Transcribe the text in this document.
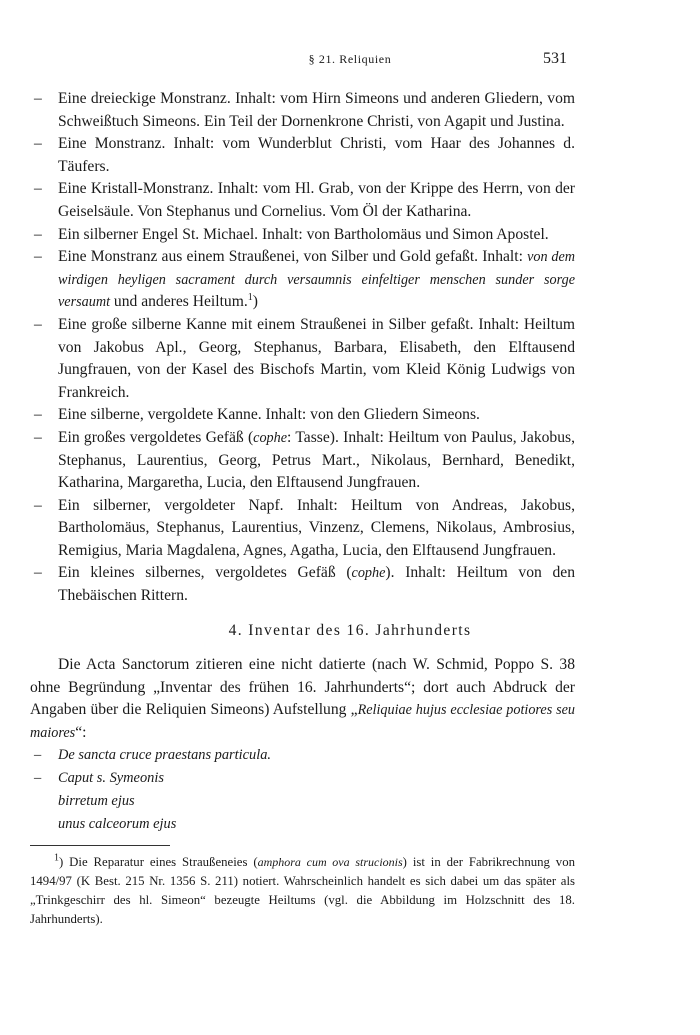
§ 21. Reliquien	531
– Eine dreieckige Monstranz. Inhalt: vom Hirn Simeons und anderen Gliedern, vom Schweißtuch Simeons. Ein Teil der Dornenkrone Christi, von Agapit und Justina.
– Eine Monstranz. Inhalt: vom Wunderblut Christi, vom Haar des Johannes d. Täufers.
– Eine Kristall-Monstranz. Inhalt: vom Hl. Grab, von der Krippe des Herrn, von der Geiselsäule. Von Stephanus und Cornelius. Vom Öl der Katharina.
– Ein silberner Engel St. Michael. Inhalt: von Bartholomäus und Simon Apostel.
– Eine Monstranz aus einem Straußenei, von Silber und Gold gefaßt. Inhalt: von dem wirdigen heyligen sacrament durch versaumnis einfeltiger menschen sunder sorge versaumt und anderes Heiltum.$^1$)
– Eine große silberne Kanne mit einem Straußenei in Silber gefaßt. Inhalt: Heiltum von Jakobus Apl., Georg, Stephanus, Barbara, Elisabeth, den Elftausend Jungfrauen, von der Kasel des Bischofs Martin, vom Kleid König Ludwigs von Frankreich.
– Eine silberne, vergoldete Kanne. Inhalt: von den Gliedern Simeons.
– Ein großes vergoldetes Gefäß (cophe: Tasse). Inhalt: Heiltum von Paulus, Jakobus, Stephanus, Laurentius, Georg, Petrus Mart., Nikolaus, Bernhard, Benedikt, Katharina, Margaretha, Lucia, den Elftausend Jungfrauen.
– Ein silberner, vergoldeter Napf. Inhalt: Heiltum von Andreas, Jakobus, Bartholomäus, Stephanus, Laurentius, Vinzenz, Clemens, Nikolaus, Ambrosius, Remigius, Maria Magdalena, Agnes, Agatha, Lucia, den Elftausend Jungfrauen.
– Ein kleines silbernes, vergoldetes Gefäß (cophe). Inhalt: Heiltum von den Thebäischen Rittern.
4. Inventar des 16. Jahrhunderts
Die Acta Sanctorum zitieren eine nicht datierte (nach W. Schmid, Poppo S. 38 ohne Begründung „Inventar des frühen 16. Jahrhunderts“; dort auch Abdruck der Angaben über die Reliquien Simeons) Aufstellung „Reliquiae hujus ecclesiae potiores seu maiores“:
– De sancta cruce praestans particula.
– Caput s. Symeonis
birretum ejus
unus calceorum ejus
$^1$) Die Reparatur eines Straußeneies (amphora cum ova strucionis) ist in der Fabrikrechnung von 1494/97 (K Best. 215 Nr. 1356 S. 211) notiert. Wahrscheinlich handelt es sich dabei um das später als „Trinkgeschirr des hl. Simeon“ bezeugte Heiltums (vgl. die Abbildung im Holzschnitt des 18. Jahrhunderts).
